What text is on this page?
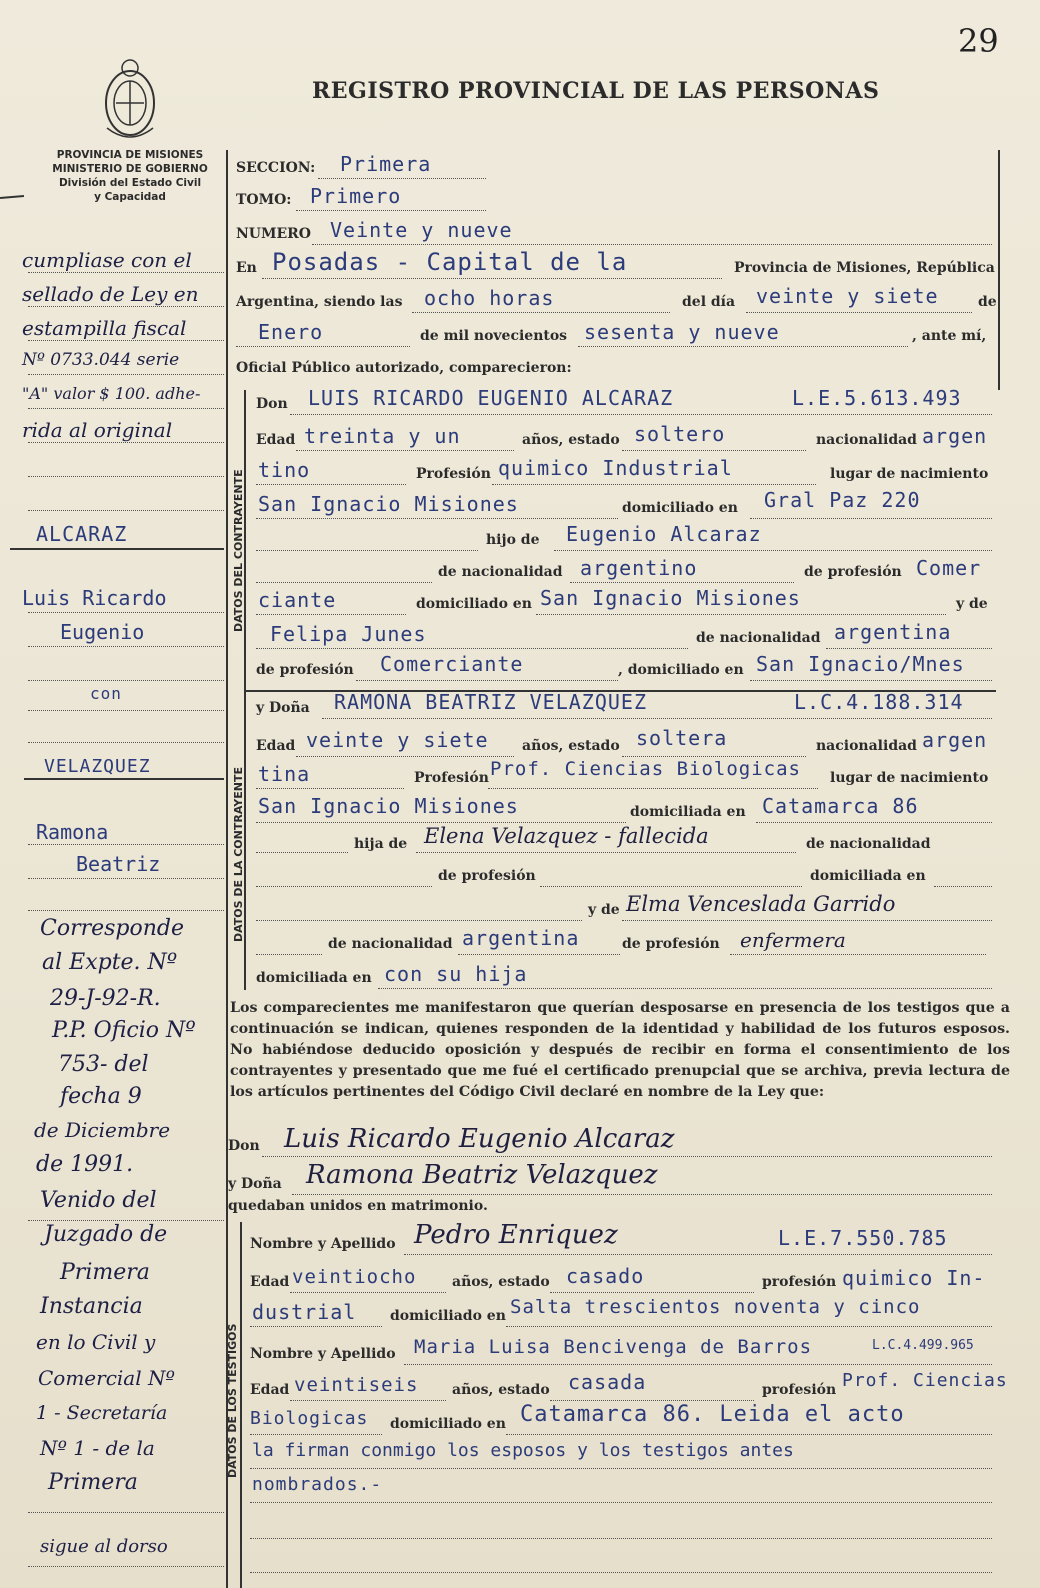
29
REGISTRO PROVINCIAL DE LAS PERSONAS
PROVINCIA DE MISIONES
MINISTERIO DE GOBIERNO
División del Estado Civil
y Capacidad
DATOS DEL CONTRAYENTE
DATOS DE LA CONTRAYENTE
DATOS DE LOS TESTIGOS
SECCION: Primera
TOMO: Primero
NUMERO Veinte y nueve
En Posadas - Capital de la	Provincia de Misiones, República
Argentina, siendo las ocho horas	del día veinte y siete	de
Enero	de mil novecientos sesenta y nueve	, ante mí,
Oficial Público autorizado, comparecieron:
Don LUIS RICARDO EUGENIO ALCARAZ	L.E.5.613.493
Edad treinta y un	años, estado soltero	nacionalidad argen
tino	Profesión quimico Industrial	lugar de nacimiento
San Ignacio Misiones	domiciliado en Gral Paz 220
hijo de Eugenio Alcaraz
de nacionalidad argentino	de profesión Comer
ciante	domiciliado en San Ignacio Misiones	y de
Felipa Junes	de nacionalidad argentina
de profesión Comerciante	, domiciliado en San Ignacio/Mnes
y Doña RAMONA BEATRIZ VELAZQUEZ	L.C.4.188.314
Edad veinte y siete años, estado soltera	nacionalidad argen
tina	Profesión Prof. Ciencias Biologicas lugar de nacimiento
San Ignacio Misiones	domiciliada en Catamarca 86
hija de Elena Velazquez - fallecida	de nacionalidad
de profesión	domiciliada en
y de Elma Venceslada Garrido
de nacionalidad argentina	de profesión enfermera
domiciliada en con su hija
Los comparecientes me manifestaron que querían desposarse en presencia de los testigos que a continuación se indican, quienes responden de la identidad y habilidad de los futuros esposos. No habiéndose deducido oposición y después de recibir en forma el consentimiento de los contrayentes y presentado que me fué el certificado prenupcial que se archiva, previa lectura de los artículos pertinentes del Código Civil declaré en nombre de la Ley que:
Don Luis Ricardo Eugenio Alcaraz
y Doña Ramona Beatriz Velazquez
quedaban unidos en matrimonio.
Nombre y Apellido Pedro Enriquez	L.E.7.550.785
Edad veintiocho	años, estado casado	profesión quimico In-
dustrial domiciliado en Salta trescientos noventa y cinco
Nombre y Apellido Maria Luisa Bencivenga de Barros	L.C.4.499.965
Edad veintiseis años, estado casada	profesión Prof. Ciencias
Biologicas domiciliado en Catamarca 86. Leida el acto
la firman conmigo los esposos y los testigos antes
nombrados.-
cumpliase con el
sellado de Ley en
estampilla fiscal
Nº 0733.044 serie
"A" valor $ 100. adhe-
rida al original
ALCARAZ
Luis Ricardo
Eugenio
con
VELAZQUEZ
Ramona
Beatriz
Corresponde
al Expte. Nº
29-J-92-R.
P.P. Oficio Nº
753- del
fecha 9
de Diciembre
de 1991.
Venido del
Juzgado de
Primera
Instancia
en lo Civil y
Comercial Nº
1 - Secretaría
Nº 1 - de la
Primera
sigue al dorso
